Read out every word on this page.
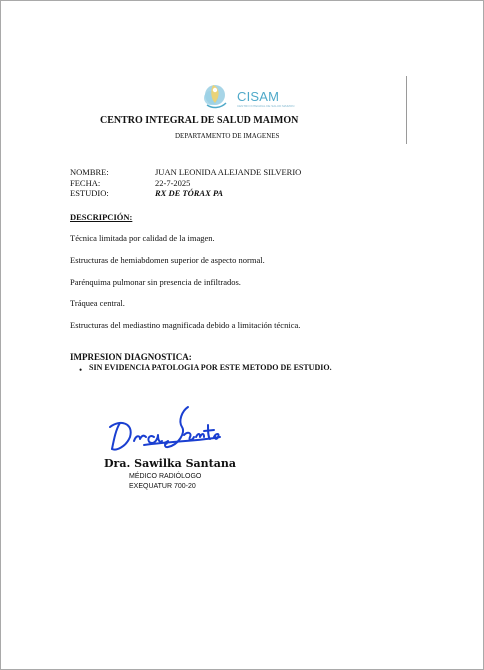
CISAM
CENTRO INTEGRAL DE SALUD MAIMON
CENTRO INTEGRAL DE SALUD MAIMON
DEPARTAMENTO DE IMAGENES
NOMBRE:	JUAN LEONIDA ALEJANDE SILVERIO
FECHA:	22-7-2025
ESTUDIO:	RX DE TÓRAX PA
DESCRIPCIÓN:
Técnica limitada por calidad de la imagen.
Estructuras de hemiabdomen superior de aspecto normal.
Parénquima pulmonar sin presencia de infiltrados.
Tráquea central.
Estructuras del mediastino magnificada debido a limitación técnica.
IMPRESION DIAGNOSTICA:
• SIN EVIDENCIA PATOLOGIA POR ESTE METODO DE ESTUDIO.
Dra. Sawilka Santana
MÉDICO RADIÓLOGO
EXEQUATUR 700-20
